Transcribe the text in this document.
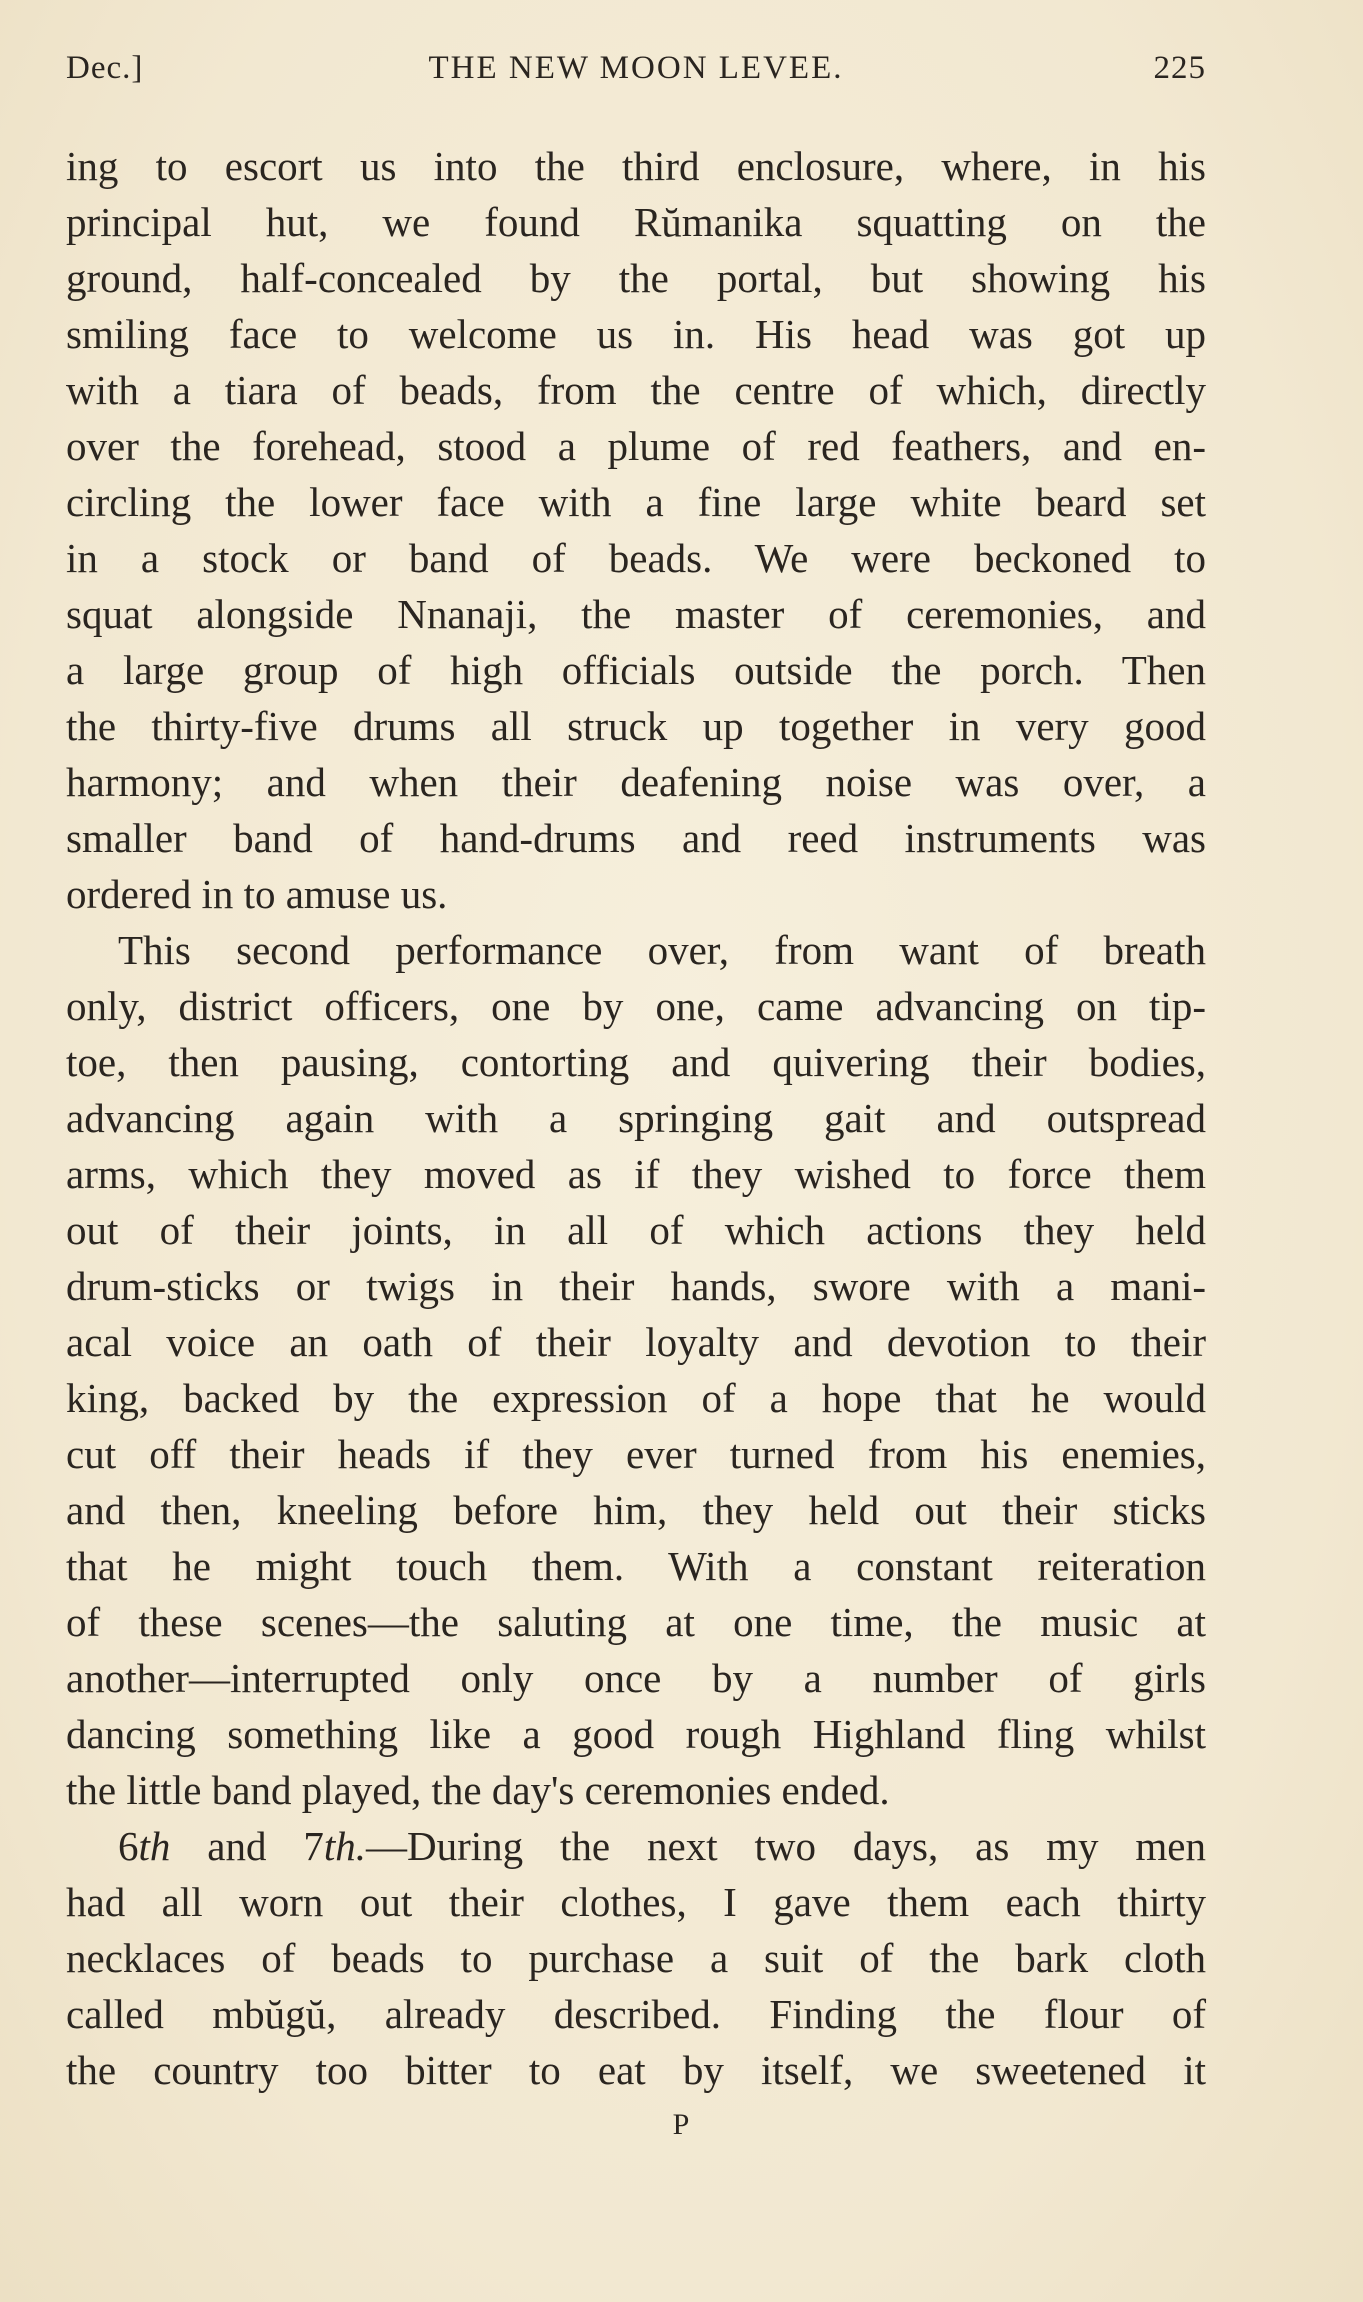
Dec.]	THE NEW MOON LEVEE.	225

ing to escort us into the third enclosure, where, in his
principal hut, we found Rŭmanika squatting on the
ground, half-concealed by the portal, but showing his
smiling face to welcome us in. His head was got up
with a tiara of beads, from the centre of which, directly
over the forehead, stood a plume of red feathers, and en-
circling the lower face with a fine large white beard set
in a stock or band of beads. We were beckoned to
squat alongside Nnanaji, the master of ceremonies, and
a large group of high officials outside the porch. Then
the thirty-five drums all struck up together in very good
harmony; and when their deafening noise was over, a
smaller band of hand-drums and reed instruments was
ordered in to amuse us.

This second performance over, from want of breath
only, district officers, one by one, came advancing on tip-
toe, then pausing, contorting and quivering their bodies,
advancing again with a springing gait and outspread
arms, which they moved as if they wished to force them
out of their joints, in all of which actions they held
drum-sticks or twigs in their hands, swore with a mani-
acal voice an oath of their loyalty and devotion to their
king, backed by the expression of a hope that he would
cut off their heads if they ever turned from his enemies,
and then, kneeling before him, they held out their sticks
that he might touch them. With a constant reiteration
of these scenes—the saluting at one time, the music at
another—interrupted only once by a number of girls
dancing something like a good rough Highland fling whilst
the little band played, the day's ceremonies ended.

6th and 7th.—During the next two days, as my men
had all worn out their clothes, I gave them each thirty
necklaces of beads to purchase a suit of the bark cloth
called mbŭgŭ, already described. Finding the flour of
the country too bitter to eat by itself, we sweetened it

P
